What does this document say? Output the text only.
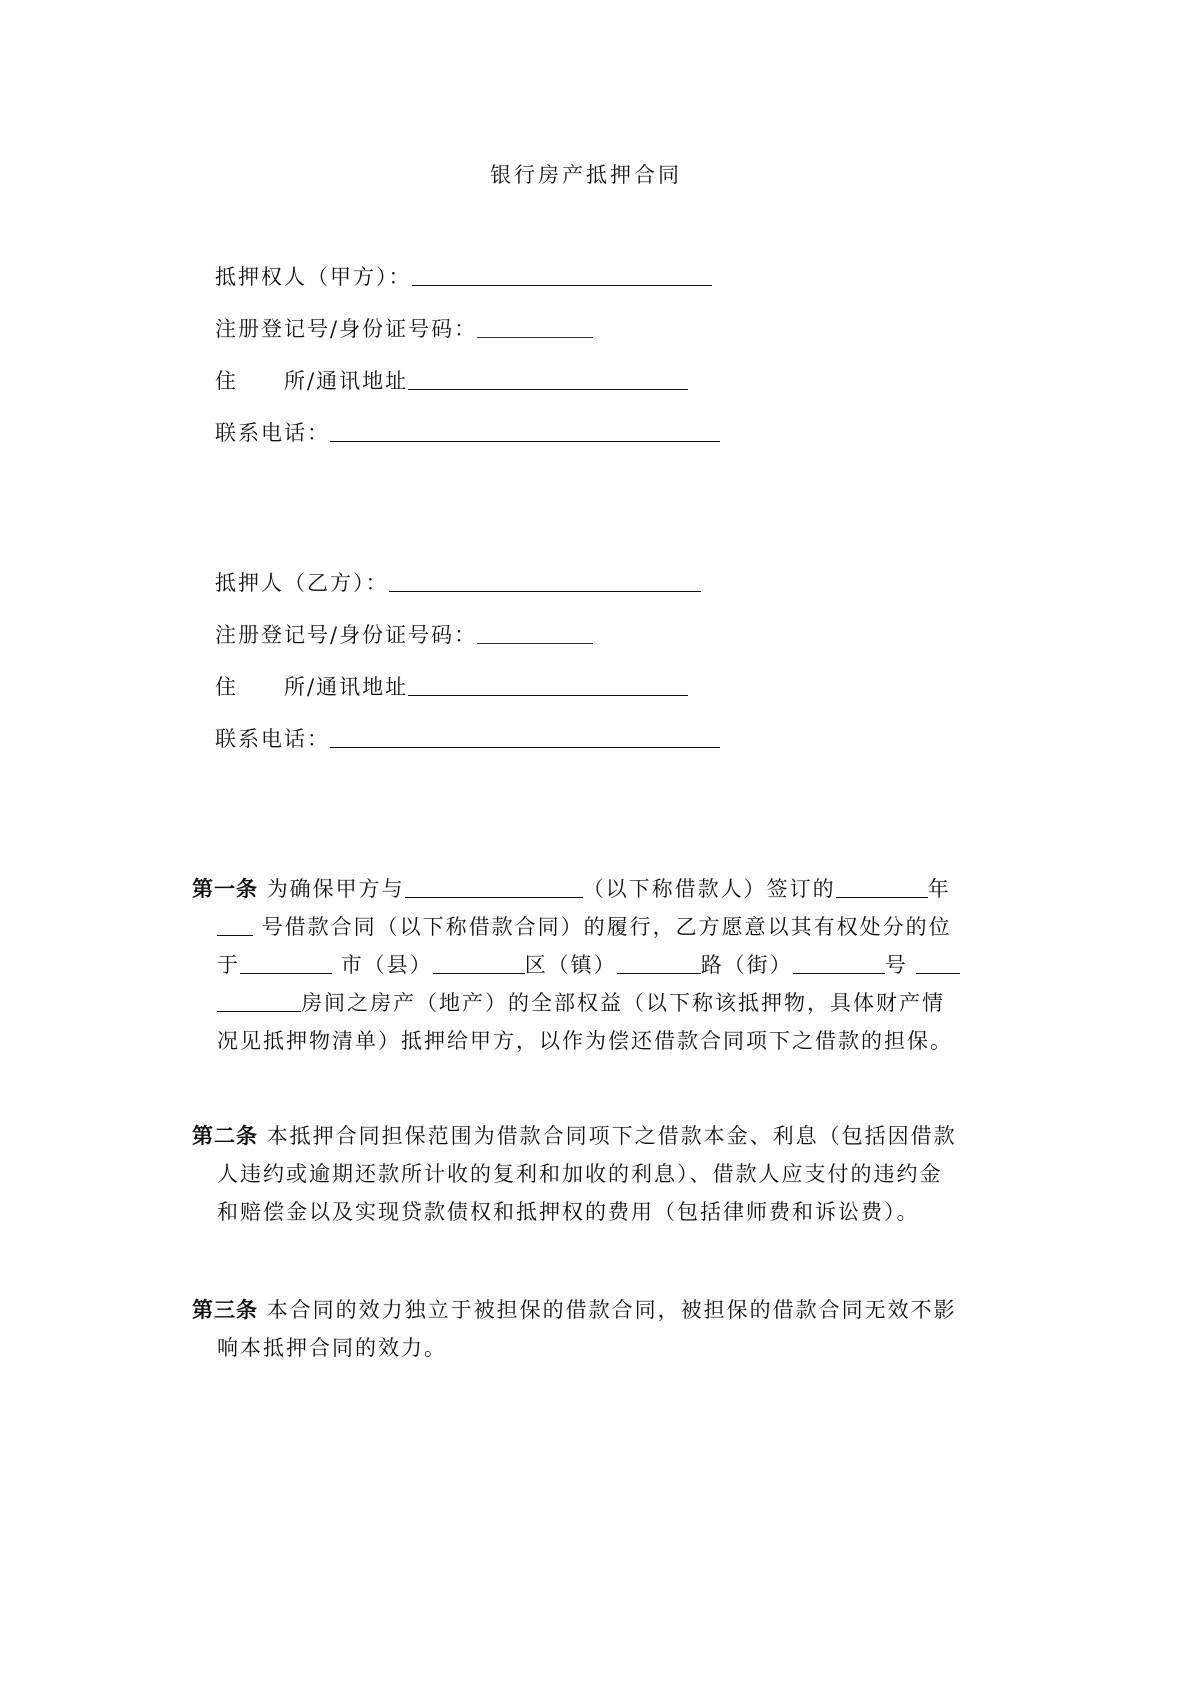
银行房产抵押合同
抵押权人（甲方）：
注册登记号/身份证号码：
住 所/通讯地址
联系电话：
抵押人（乙方）：
注册登记号/身份证号码：
住 所/通讯地址
联系电话：
第一条 为确保甲方与	（以下称借款人）签订的	年
号借款合同（以下称借款合同）的履行，乙方愿意以其有权处分的位
于	市（县）	区（镇）	路（街）	号
房间之房产（地产）的全部权益（以下称该抵押物，具体财产情
况见抵押物清单）抵押给甲方，以作为偿还借款合同项下之借款的担保。
第二条 本抵押合同担保范围为借款合同项下之借款本金、利息（包括因借款
人违约或逾期还款所计收的复利和加收的利息）、借款人应支付的违约金
和赔偿金以及实现贷款债权和抵押权的费用（包括律师费和诉讼费）。
第三条 本合同的效力独立于被担保的借款合同，被担保的借款合同无效不影
响本抵押合同的效力。
